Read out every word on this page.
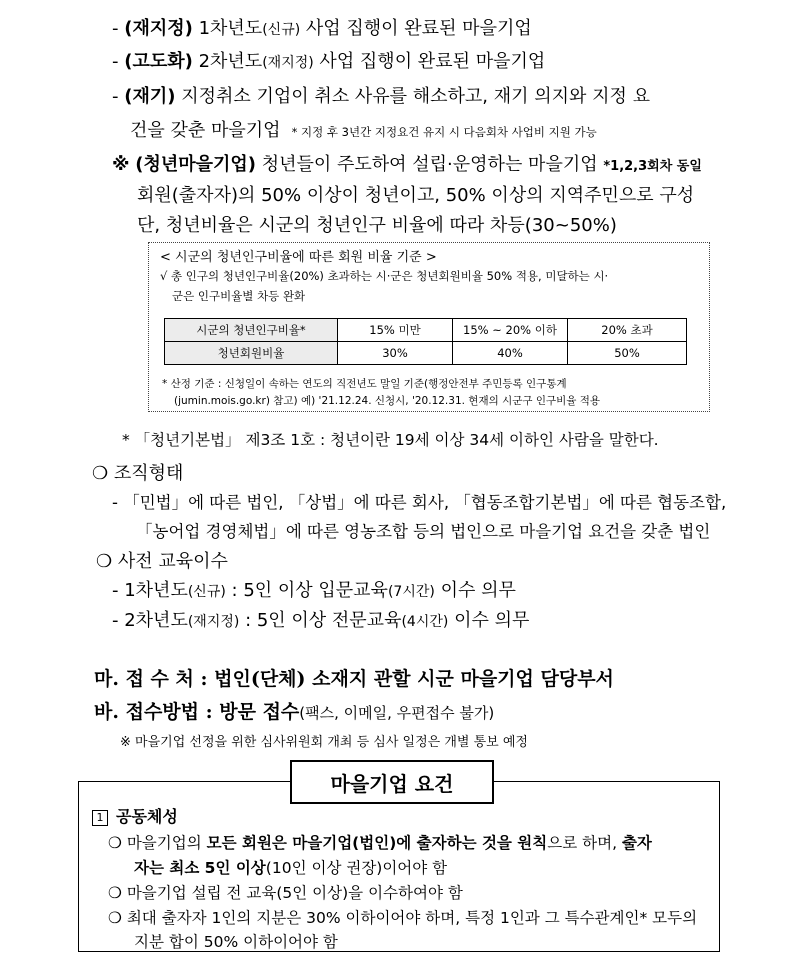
- (재지정) 1차년도(신규) 사업 집행이 완료된 마을기업
- (고도화) 2차년도(재지정) 사업 집행이 완료된 마을기업
- (재기) 지정취소 기업이 취소 사유를 해소하고, 재기 의지와 지정 요
건을 갖춘 마을기업 * 지정 후 3년간 지정요건 유지 시 다음회차 사업비 지원 가능
※ (청년마을기업) 청년들이 주도하여 설립·운영하는 마을기업 *1,2,3회차 동일
회원(출자자)의 50% 이상이 청년이고, 50% 이상의 지역주민으로 구성
단, 청년비율은 시군의 청년인구 비율에 따라 차등(30~50%)
< 시군의 청년인구비율에 따른 회원 비율 기준 >
√ 총 인구의 청년인구비율(20%) 초과하는 시·군은 청년회원비율 50% 적용, 미달하는 시·
군은 인구비율별 차등 완화
시군의 청년인구비율*	15% 미만	15% ~ 20% 이하	20% 초과
청년회원비율	30%	40%	50%
* 산정 기준 : 신청일이 속하는 연도의 직전년도 말일 기준(행정안전부 주민등록 인구통계
(jumin.mois.go.kr) 참고) 예) '21.12.24. 신청시, '20.12.31. 현재의 시군구 인구비율 적용
* 「청년기본법」 제3조 1호 : 청년이란 19세 이상 34세 이하인 사람을 말한다.
❍ 조직형태
- 「민법」에 따른 법인, 「상법」에 따른 회사, 「협동조합기본법」에 따른 협동조합,
「농어업 경영체법」에 따른 영농조합 등의 법인으로 마을기업 요건을 갖춘 법인
❍ 사전 교육이수
- 1차년도(신규) : 5인 이상 입문교육(7시간) 이수 의무
- 2차년도(재지정) : 5인 이상 전문교육(4시간) 이수 의무
마. 접 수 처 : 법인(단체) 소재지 관할 시군 마을기업 담당부서
바. 접수방법 : 방문 접수(팩스, 이메일, 우편접수 불가)
※ 마을기업 선정을 위한 심사위원회 개최 등 심사 일정은 개별 통보 예정
마을기업 요건
1 공동체성
❍ 마을기업의 모든 회원은 마을기업(법인)에 출자하는 것을 원칙으로 하며, 출자
자는 최소 5인 이상(10인 이상 권장)이어야 함
❍ 마을기업 설립 전 교육(5인 이상)을 이수하여야 함
❍ 최대 출자자 1인의 지분은 30% 이하이어야 하며, 특정 1인과 그 특수관계인* 모두의
지분 합이 50% 이하이어야 함
